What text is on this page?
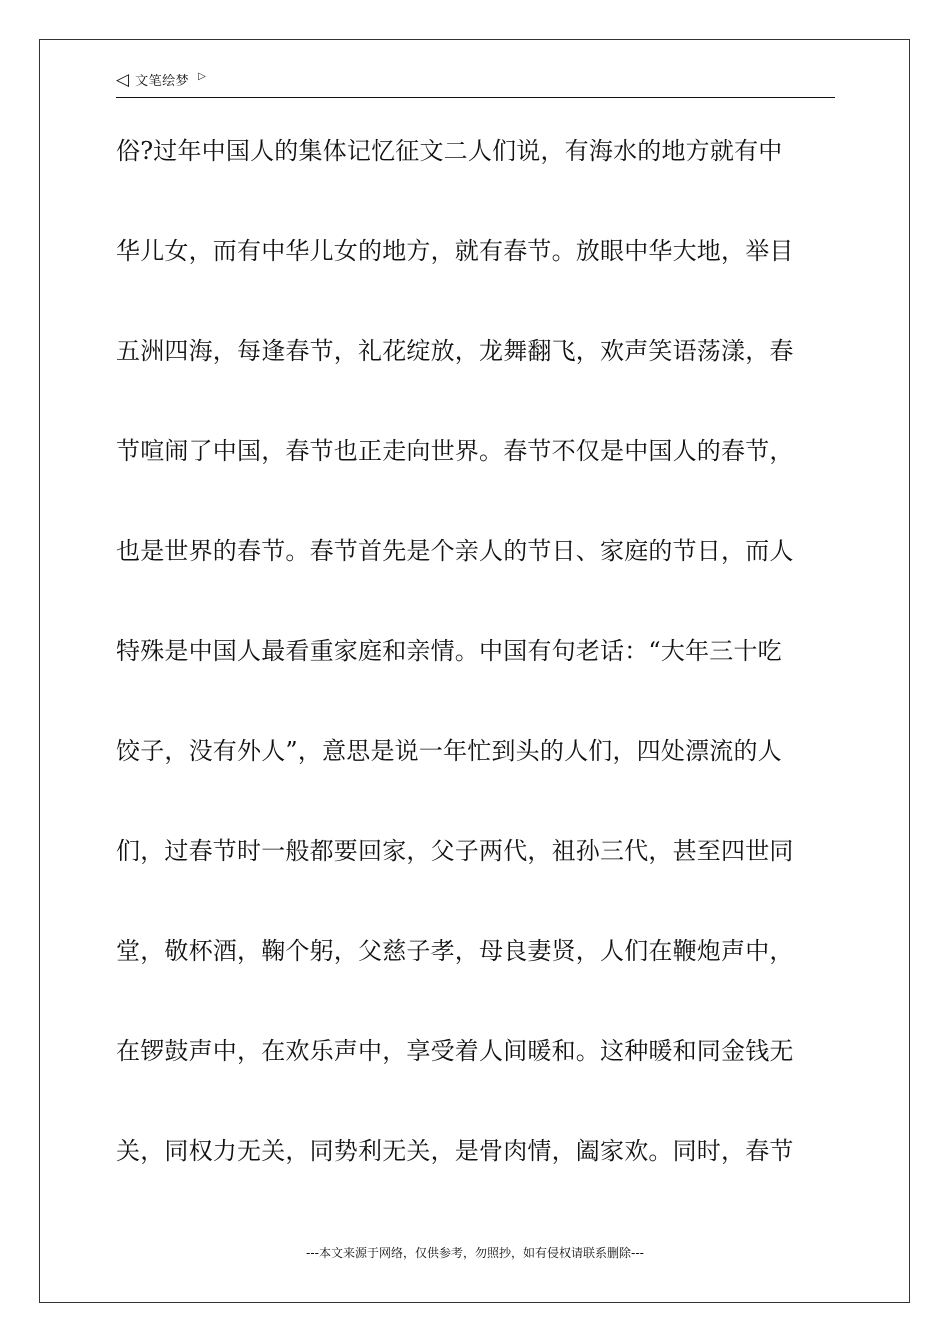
◁ 文笔绘梦 ▷
俗?过年中国人的集体记忆征文二人们说，有海水的地方就有中
华儿女，而有中华儿女的地方，就有春节。放眼中华大地，举目
五洲四海，每逢春节，礼花绽放，龙舞翻飞，欢声笑语荡漾，春
节喧闹了中国，春节也正走向世界。春节不仅是中国人的春节，
也是世界的春节。春节首先是个亲人的节日、家庭的节日，而人
特殊是中国人最看重家庭和亲情。中国有句老话：“大年三十吃
饺子，没有外人”，意思是说一年忙到头的人们，四处漂流的人
们，过春节时一般都要回家，父子两代，祖孙三代，甚至四世同
堂，敬杯酒，鞠个躬，父慈子孝，母良妻贤，人们在鞭炮声中，
在锣鼓声中，在欢乐声中，享受着人间暖和。这种暖和同金钱无
关，同权力无关，同势利无关，是骨肉情，阖家欢。同时，春节
---本文来源于网络，仅供参考，勿照抄，如有侵权请联系删除---
